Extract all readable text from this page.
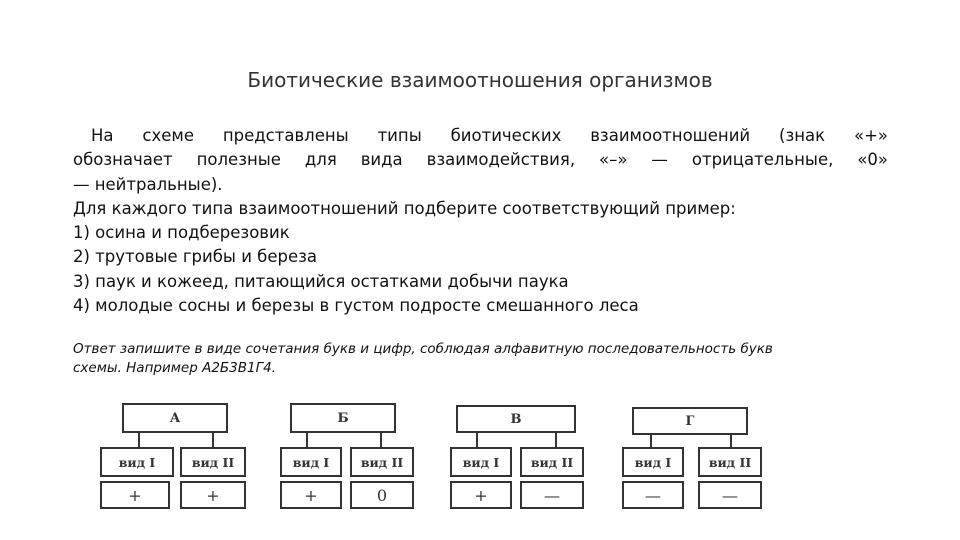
Биотические взаимоотношения организмов
На схеме представлены типы биотических взаимоотношений (знак «+»
обозначает полезные для вида взаимодействия, «–» — отрицательные, «0»
— нейтральные).
Для каждого типа взаимоотношений подберите соответствующий пример:
1) осина и подберезовик
2) трутовые грибы и береза
3) паук и кожеед, питающийся остатками добычи паука
4) молодые сосны и березы в густом подросте смешанного леса
Ответ запишите в виде сочетания букв и цифр, соблюдая алфавитную последовательность букв
схемы. Например А2Б3В1Г4.
А
вид I	вид II
+	+
Б
вид I	вид II
+	0
В
вид I	вид II
+	—
Г
вид I	вид II
—	—
